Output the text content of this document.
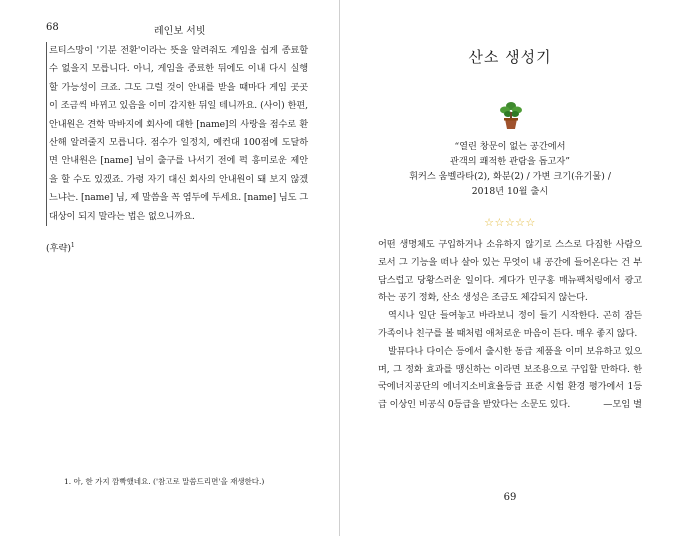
68	레인보 서빗

르티스망이 '기분 전환'이라는 뜻을 알려줘도 게임을 쉽게 종료할 수 없을지 모릅니다. 아니, 게임을 종료한 뒤에도 이내 다시 실행할 가능성이 크죠. 그도 그럴 것이 안내를 받을 때마다 게임 곳곳이 조금씩 바뀌고 있음을 이미 감지한 뒤일 테니까요. (사이) 한편, 안내원은 견학 막바지에 회사에 대한 [name]의 사랑을 점수로 환산해 알려줄지 모릅니다. 점수가 일정치, 예컨대 100점에 도달하면 안내원은 [name] 님이 출구를 나서기 전에 퍽 흥미로운 제안을 할 수도 있겠죠. 가령 자기 대신 회사의 안내원이 돼 보지 않겠느냐는. [name] 님, 제 말씀을 꼭 염두에 두세요. [name] 님도 그 대상이 되지 말라는 법은 없으니까요.

(후략)$^1$
1. 아, 한 가지 깜빡했네요. ('참고로 말씀드리면'을 재생한다.)
산소 생성기
“열린 창문이 없는 공간에서
관객의 쾌적한 관람을 돕고자”
휘커스 움벨라타(2), 화분(2) / 가변 크기(유기물) /
2018년 10월 출시
☆☆☆☆☆

어떤 생명체도 구입하거나 소유하지 않기로 스스로 다짐한 사람으로서 그 기능을 떠나 살아 있는 무엇이 내 공간에 들어온다는 건 부담스럽고 당황스러운 일이다. 게다가 민구홍 매뉴팩처링에서 광고하는 공기 정화, 산소 생성은 조금도 체감되지 않는다.

역시나 일단 들여놓고 바라보니 정이 들기 시작한다. 곤히 잠든 가족이나 친구를 볼 때처럼 애처로운 마음이 든다. 매우 좋지 않다.

발뮤다나 다이슨 등에서 출시한 동급 제품을 이미 보유하고 있으며, 그 정화 효과를 맹신하는 이라면 보조용으로 구입할 만하다. 한국에너지공단의 에너지소비효율등급 표준 시험 환경 평가에서 1등급 이상인 비공식 0등급을 받았다는 소문도 있다.	—모임 별
69
